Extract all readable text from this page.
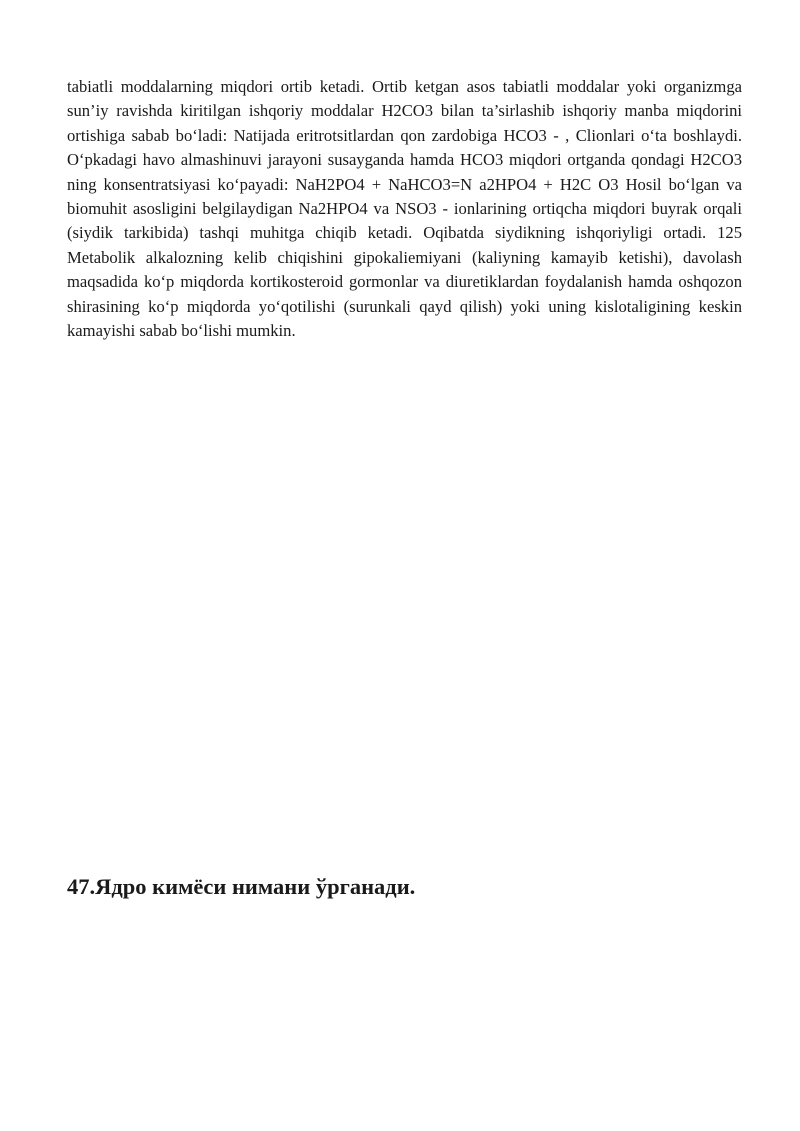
tabiatli moddalarning miqdori ortib ketadi. Ortib ketgan asos tabiatli moddalar yoki organizmga sun’iy ravishda kiritilgan ishqoriy moddalar H2CO3 bilan ta’sirlashib ishqoriy manba miqdorini ortishiga sabab bo‘ladi: Natijada eritrotsitlardan qon zardobiga HCO3 - , Clionlari o‘ta boshlaydi. O‘pkadagi havo almashinuvi jarayoni susayganda hamda HCO3 miqdori ortganda qondagi H2CO3 ning konsentratsiyasi ko‘payadi: NaH2PO4 + NaHCO3=N a2HPO4 + H2C O3 Hosil bo‘lgan va biomuhit asosligini belgilaydigan Na2HPO4 va NSO3 - ionlarining ortiqcha miqdori buyrak orqali (siydik tarkibida) tashqi muhitga chiqib ketadi. Oqibatda siydikning ishqoriyligi ortadi. 125 Metabolik alkalozning kelib chiqishini gipokaliemiyani (kaliyning kamayib ketishi), davolash maqsadida ko‘p miqdorda kortikosteroid gormonlar va diuretiklardan foydalanish hamda oshqozon shirasining ko‘p miqdorda yo‘qotilishi (surunkali qayd qilish) yoki uning kislotaligining keskin kamayishi sabab bo‘lishi mumkin.

47.Ядро кимёси нимани ўрганади.
